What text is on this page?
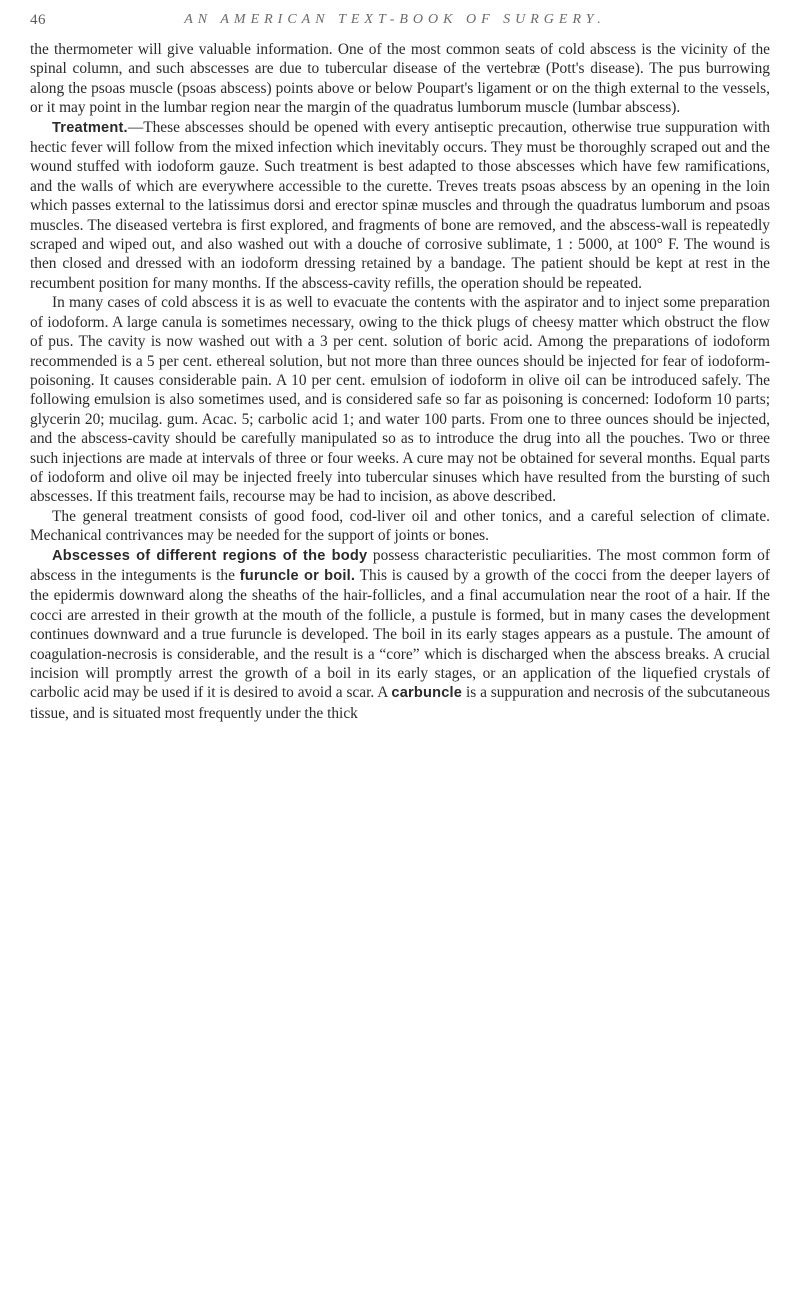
46	AN AMERICAN TEXT-BOOK OF SURGERY.

the thermometer will give valuable information. One of the most common seats of cold abscess is the vicinity of the spinal column, and such abscesses are due to tubercular disease of the vertebræ (Pott's disease). The pus burrowing along the psoas muscle (psoas abscess) points above or below Poupart's ligament or on the thigh external to the vessels, or it may point in the lumbar region near the margin of the quadratus lumborum muscle (lumbar abscess).

Treatment.—These abscesses should be opened with every antiseptic precaution, otherwise true suppuration with hectic fever will follow from the mixed infection which inevitably occurs. They must be thoroughly scraped out and the wound stuffed with iodoform gauze. Such treatment is best adapted to those abscesses which have few ramifications, and the walls of which are everywhere accessible to the curette. Treves treats psoas abscess by an opening in the loin which passes external to the latissimus dorsi and erector spinæ muscles and through the quadratus lumborum and psoas muscles. The diseased vertebra is first explored, and fragments of bone are removed, and the abscess-wall is repeatedly scraped and wiped out, and also washed out with a douche of corrosive sublimate, 1 : 5000, at 100° F. The wound is then closed and dressed with an iodoform dressing retained by a bandage. The patient should be kept at rest in the recumbent position for many months. If the abscess-cavity refills, the operation should be repeated.

In many cases of cold abscess it is as well to evacuate the contents with the aspirator and to inject some preparation of iodoform. A large canula is sometimes necessary, owing to the thick plugs of cheesy matter which obstruct the flow of pus. The cavity is now washed out with a 3 per cent. solution of boric acid. Among the preparations of iodoform recommended is a 5 per cent. ethereal solution, but not more than three ounces should be injected for fear of iodoform-poisoning. It causes considerable pain. A 10 per cent. emulsion of iodoform in olive oil can be introduced safely. The following emulsion is also sometimes used, and is considered safe so far as poisoning is concerned: Iodoform 10 parts; glycerin 20; mucilag. gum. Acac. 5; carbolic acid 1; and water 100 parts. From one to three ounces should be injected, and the abscess-cavity should be carefully manipulated so as to introduce the drug into all the pouches. Two or three such injections are made at intervals of three or four weeks. A cure may not be obtained for several months. Equal parts of iodoform and olive oil may be injected freely into tubercular sinuses which have resulted from the bursting of such abscesses. If this treatment fails, recourse may be had to incision, as above described.

The general treatment consists of good food, cod-liver oil and other tonics, and a careful selection of climate. Mechanical contrivances may be needed for the support of joints or bones.

Abscesses of different regions of the body possess characteristic peculiarities. The most common form of abscess in the integuments is the furuncle or boil. This is caused by a growth of the cocci from the deeper layers of the epidermis downward along the sheaths of the hair-follicles, and a final accumulation near the root of a hair. If the cocci are arrested in their growth at the mouth of the follicle, a pustule is formed, but in many cases the development continues downward and a true furuncle is developed. The boil in its early stages appears as a pustule. The amount of coagulation-necrosis is considerable, and the result is a “core” which is discharged when the abscess breaks. A crucial incision will promptly arrest the growth of a boil in its early stages, or an application of the liquefied crystals of carbolic acid may be used if it is desired to avoid a scar. A carbuncle is a suppuration and necrosis of the subcutaneous tissue, and is situated most frequently under the thick
